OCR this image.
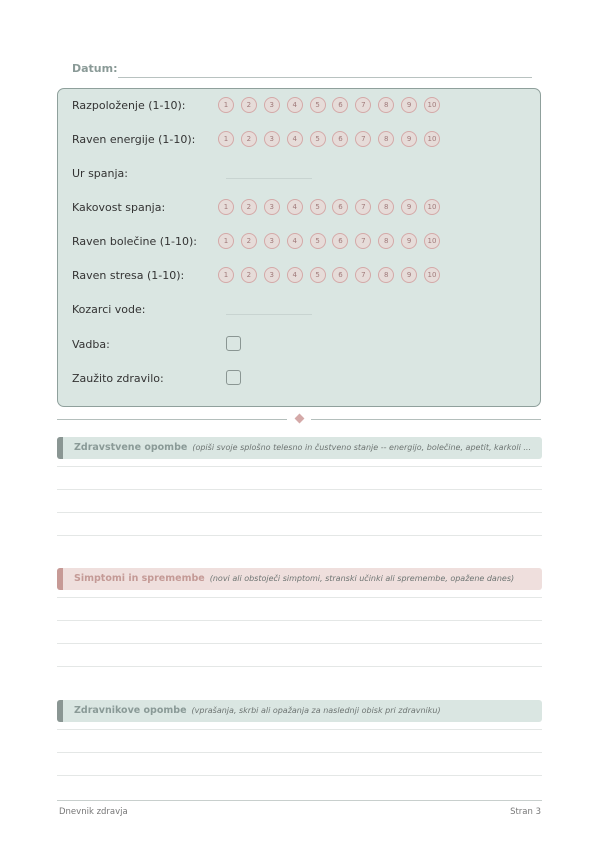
Datum:
Razpoloženje (1-10):	1	2	3	4	5	6	7	8	9	10
Raven energije (1-10):	1	2	3	4	5	6	7	8	9	10
Ur spanja:
Kakovost spanja:	1	2	3	4	5	6	7	8	9	10
Raven bolečine (1-10):	1	2	3	4	5	6	7	8	9	10
Raven stresa (1-10):	1	2	3	4	5	6	7	8	9	10
Kozarci vode:
Vadba:
Zaužito zdravilo:
Zdravstvene opombe (opiši svoje splošno telesno in čustveno stanje -- energijo, bolečine, apetit, karkoli ...
Simptomi in spremembe (novi ali obstoječi simptomi, stranski učinki ali spremembe, opažene danes)
Zdravnikove opombe (vprašanja, skrbi ali opažanja za naslednji obisk pri zdravniku)
Dnevnik zdravja	Stran 3
